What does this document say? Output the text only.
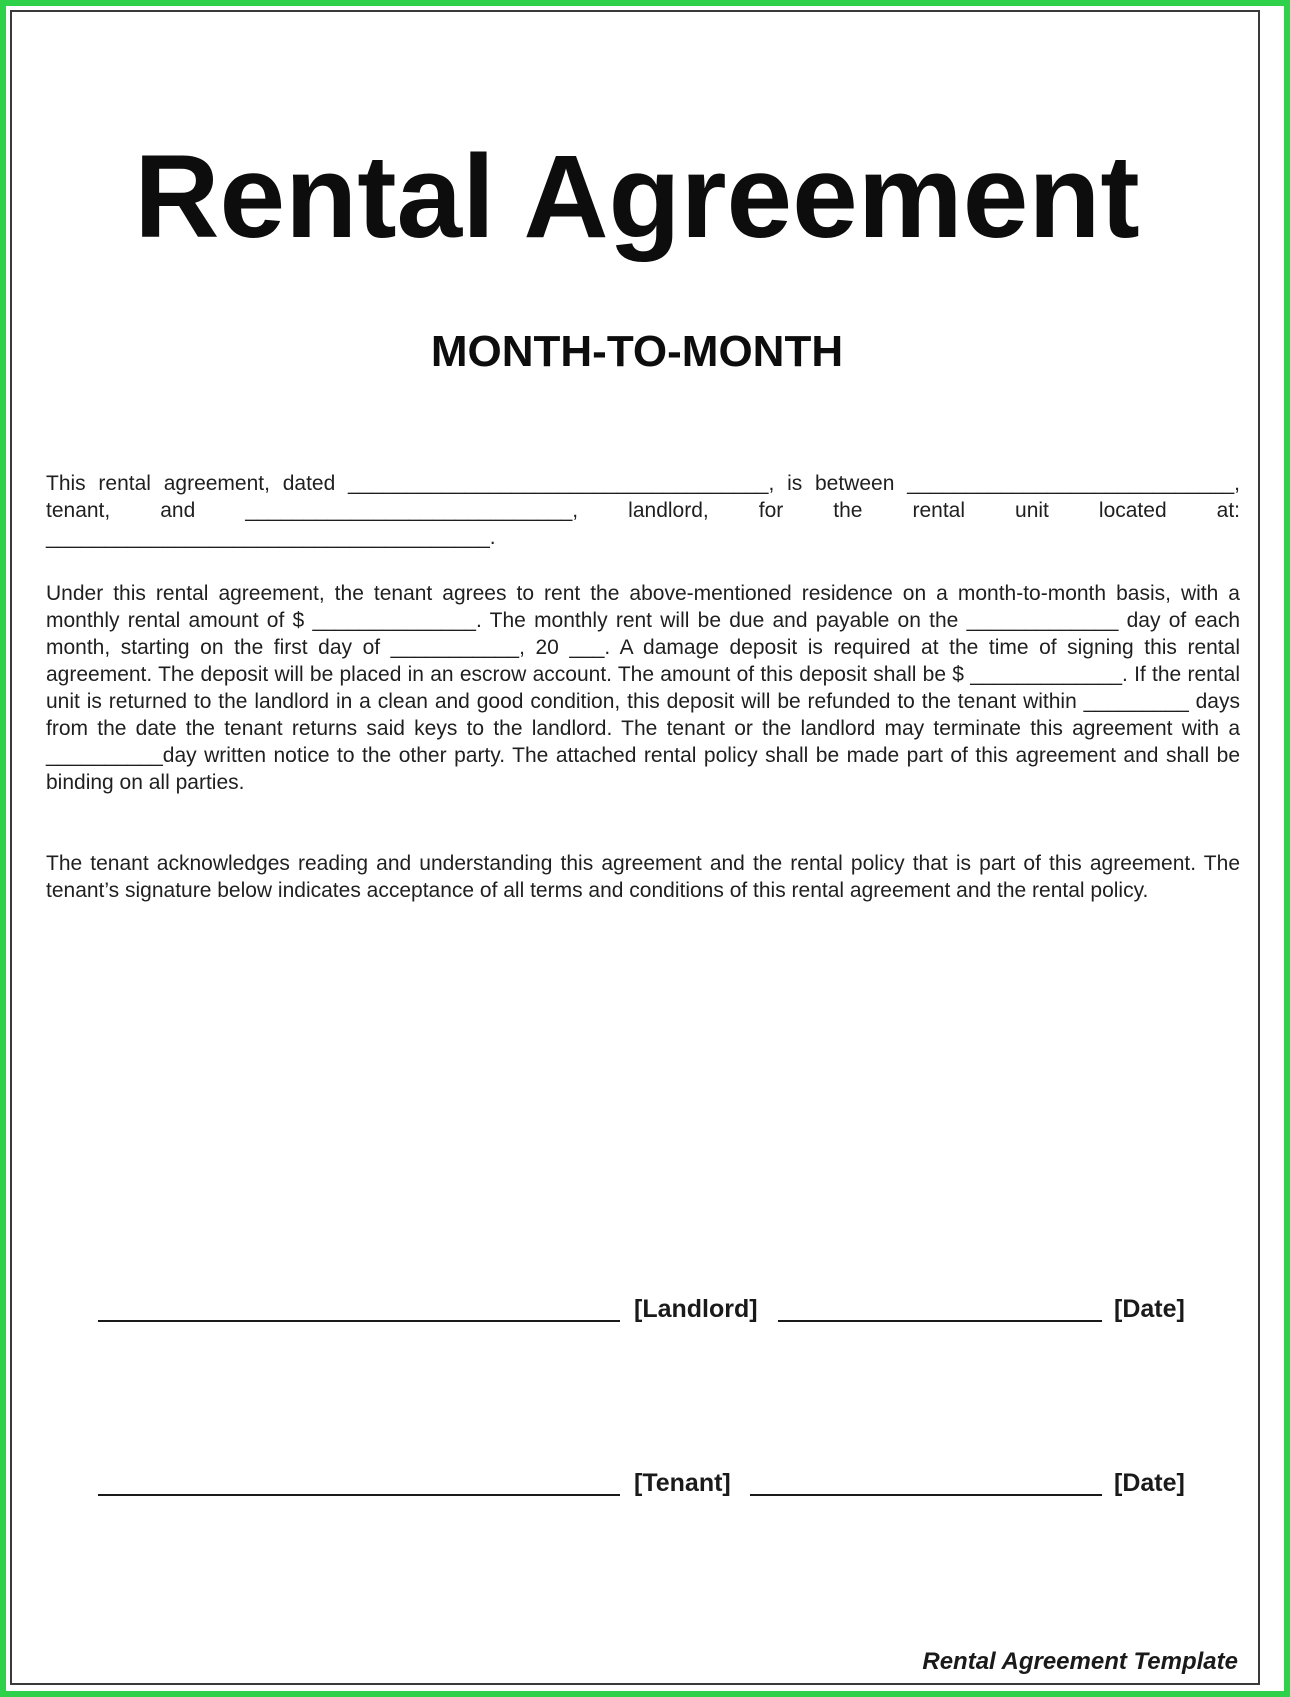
Rental Agreement
MONTH-TO-MONTH

This rental agreement, dated ____________________________________, is between ____________________________, tenant, and ____________________________, landlord, for the rental unit located at: ______________________________________.

Under this rental agreement, the tenant agrees to rent the above-mentioned residence on a month-to-month basis, with a monthly rental amount of $ ______________. The monthly rent will be due and payable on the _____________ day of each month, starting on the first day of ___________, 20 ___. A damage deposit is required at the time of signing this rental agreement. The deposit will be placed in an escrow account. The amount of this deposit shall be $ _____________. If the rental unit is returned to the landlord in a clean and good condition, this deposit will be refunded to the tenant within _________ days from the date the tenant returns said keys to the landlord. The tenant or the landlord may terminate this agreement with a __________day written notice to the other party. The attached rental policy shall be made part of this agreement and shall be binding on all parties.

The tenant acknowledges reading and understanding this agreement and the rental policy that is part of this agreement. The tenant’s signature below indicates acceptance of all terms and conditions of this rental agreement and the rental policy.

[Landlord]	[Date]
[Tenant]	[Date]
Rental Agreement Template
